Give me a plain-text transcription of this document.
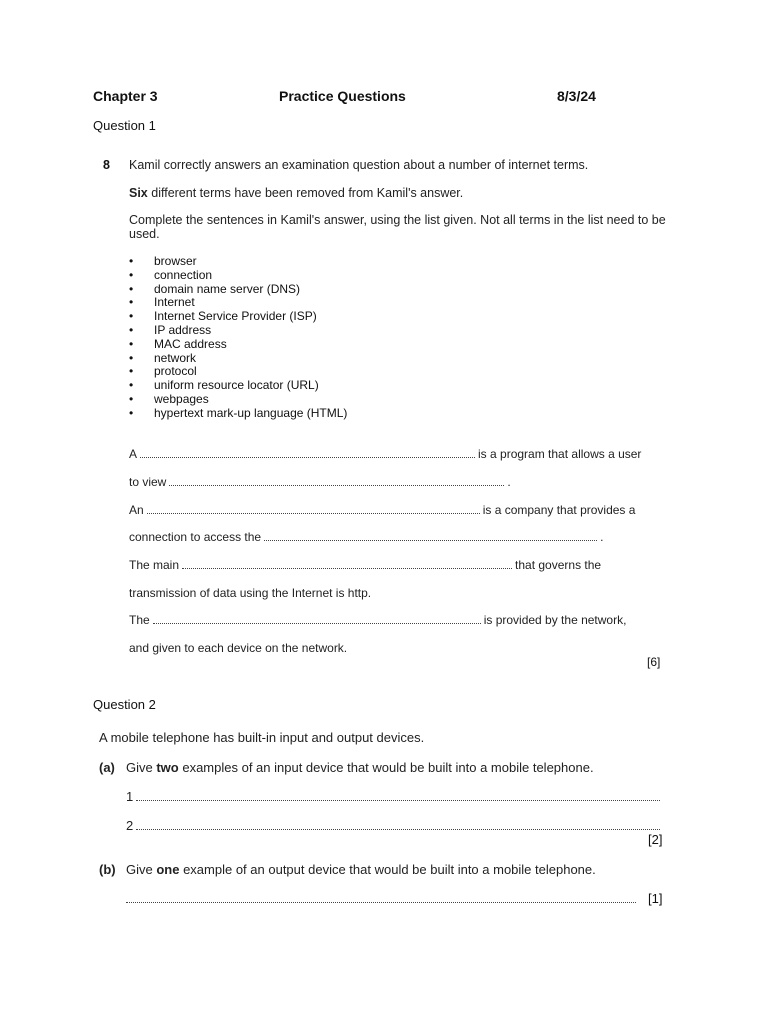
Chapter 3	Practice Questions	8/3/24
Question 1
8 Kamil correctly answers an examination question about a number of internet terms.
Six different terms have been removed from Kamil's answer.
Complete the sentences in Kamil's answer, using the list given. Not all terms in the list need to be
used.
• browser
• connection
• domain name server (DNS)
• Internet
• Internet Service Provider (ISP)
• IP address
• MAC address
• network
• protocol
• uniform resource locator (URL)
• webpages
• hypertext mark-up language (HTML)
A	is a program that allows a user
to view	.
An	is a company that provides a
connection to access the	.
The main	that governs the
transmission of data using the Internet is http.
The	is provided by the network,
and given to each device on the network.
[6]
Question 2
A mobile telephone has built-in input and output devices.
(a) Give two examples of an input device that would be built into a mobile telephone.
1
2
[2]
(b) Give one example of an output device that would be built into a mobile telephone.
[1]
